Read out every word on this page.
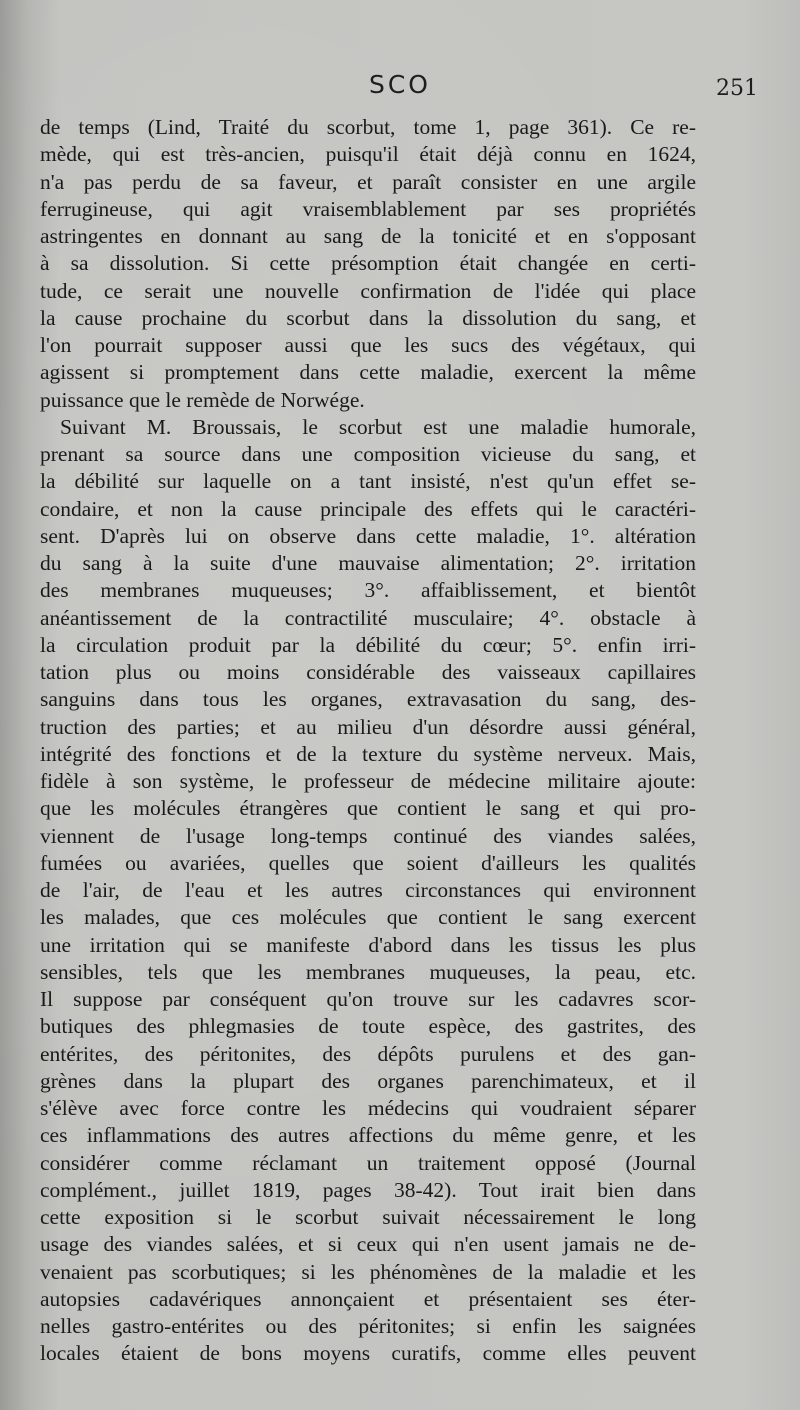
SCO	251
de temps (Lind, Traité du scorbut, tome 1, page 361). Ce re-
mède, qui est très-ancien, puisqu'il était déjà connu en 1624,
n'a pas perdu de sa faveur, et paraît consister en une argile
ferrugineuse, qui agit vraisemblablement par ses propriétés
astringentes en donnant au sang de la tonicité et en s'opposant
à sa dissolution. Si cette présomption était changée en certi-
tude, ce serait une nouvelle confirmation de l'idée qui place
la cause prochaine du scorbut dans la dissolution du sang, et
l'on pourrait supposer aussi que les sucs des végétaux, qui
agissent si promptement dans cette maladie, exercent la même
puissance que le remède de Norwége.
Suivant M. Broussais, le scorbut est une maladie humorale,
prenant sa source dans une composition vicieuse du sang, et
la débilité sur laquelle on a tant insisté, n'est qu'un effet se-
condaire, et non la cause principale des effets qui le caractéri-
sent. D'après lui on observe dans cette maladie, 1°. altération
du sang à la suite d'une mauvaise alimentation; 2°. irritation
des membranes muqueuses; 3°. affaiblissement, et bientôt
anéantissement de la contractilité musculaire; 4°. obstacle à
la circulation produit par la débilité du cœur; 5°. enfin irri-
tation plus ou moins considérable des vaisseaux capillaires
sanguins dans tous les organes, extravasation du sang, des-
truction des parties; et au milieu d'un désordre aussi général,
intégrité des fonctions et de la texture du système nerveux. Mais,
fidèle à son système, le professeur de médecine militaire ajoute:
que les molécules étrangères que contient le sang et qui pro-
viennent de l'usage long-temps continué des viandes salées,
fumées ou avariées, quelles que soient d'ailleurs les qualités
de l'air, de l'eau et les autres circonstances qui environnent
les malades, que ces molécules que contient le sang exercent
une irritation qui se manifeste d'abord dans les tissus les plus
sensibles, tels que les membranes muqueuses, la peau, etc.
Il suppose par conséquent qu'on trouve sur les cadavres scor-
butiques des phlegmasies de toute espèce, des gastrites, des
entérites, des péritonites, des dépôts purulens et des gan-
grènes dans la plupart des organes parenchimateux, et il
s'élève avec force contre les médecins qui voudraient séparer
ces inflammations des autres affections du même genre, et les
considérer comme réclamant un traitement opposé (Journal
complément., juillet 1819, pages 38-42). Tout irait bien dans
cette exposition si le scorbut suivait nécessairement le long
usage des viandes salées, et si ceux qui n'en usent jamais ne de-
venaient pas scorbutiques; si les phénomènes de la maladie et les
autopsies cadavériques annonçaient et présentaient ses éter-
nelles gastro-entérites ou des péritonites; si enfin les saignées
locales étaient de bons moyens curatifs, comme elles peuvent
